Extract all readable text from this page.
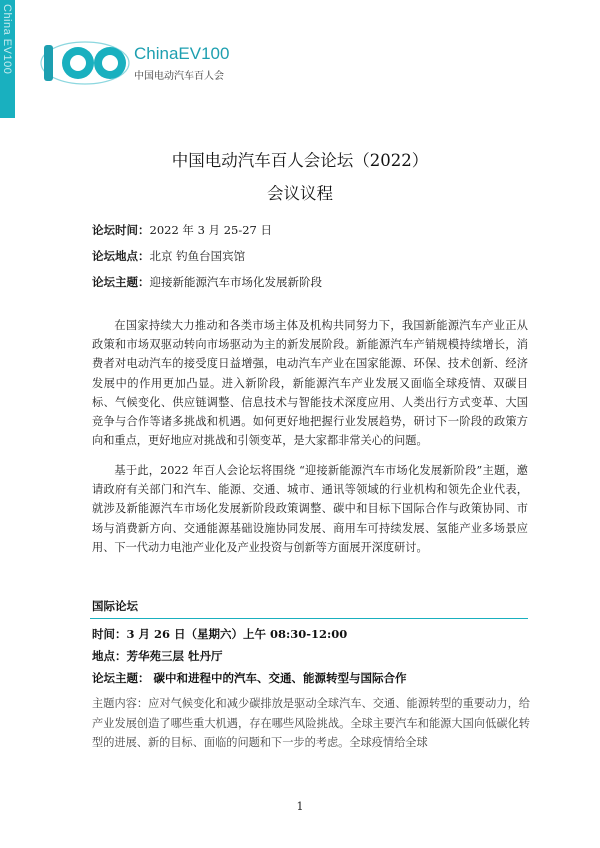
China EV100	ChinaEV100
中国电动汽车百人会
中国电动汽车百人会论坛（2022）
会议议程
论坛时间：2022 年 3 月 25-27 日
论坛地点：北京 钓鱼台国宾馆
论坛主题：迎接新能源汽车市场化发展新阶段

在国家持续大力推动和各类市场主体及机构共同努力下，我国新能源汽车产业正从政策和市场双驱动转向市场驱动为主的新发展阶段。新能源汽车产销规模持续增长，消费者对电动汽车的接受度日益增强，电动汽车产业在国家能源、环保、技术创新、经济发展中的作用更加凸显。进入新阶段，新能源汽车产业发展又面临全球疫情、双碳目标、气候变化、供应链调整、信息技术与智能技术深度应用、人类出行方式变革、大国竞争与合作等诸多挑战和机遇。如何更好地把握行业发展趋势，研讨下一阶段的政策方向和重点，更好地应对挑战和引领变革，是大家都非常关心的问题。

基于此，2022 年百人会论坛将围绕 “迎接新能源汽车市场化发展新阶段”主题，邀请政府有关部门和汽车、能源、交通、城市、通讯等领域的行业机构和领先企业代表，就涉及新能源汽车市场化发展新阶段政策调整、碳中和目标下国际合作与政策协同、市场与消费新方向、交通能源基础设施协同发展、商用车可持续发展、氢能产业多场景应用、下一代动力电池产业化及产业投资与创新等方面展开深度研讨。

国际论坛
时间：3 月 26 日（星期六）上午 08:30-12:00
地点：芳华苑三层 牡丹厅
论坛主题： 碳中和进程中的汽车、交通、能源转型与国际合作

主题内容：应对气候变化和减少碳排放是驱动全球汽车、交通、能源转型的重要动力，给产业发展创造了哪些重大机遇，存在哪些风险挑战。全球主要汽车和能源大国向低碳化转型的进展、新的目标、面临的问题和下一步的考虑。全球疫情给全球

1
